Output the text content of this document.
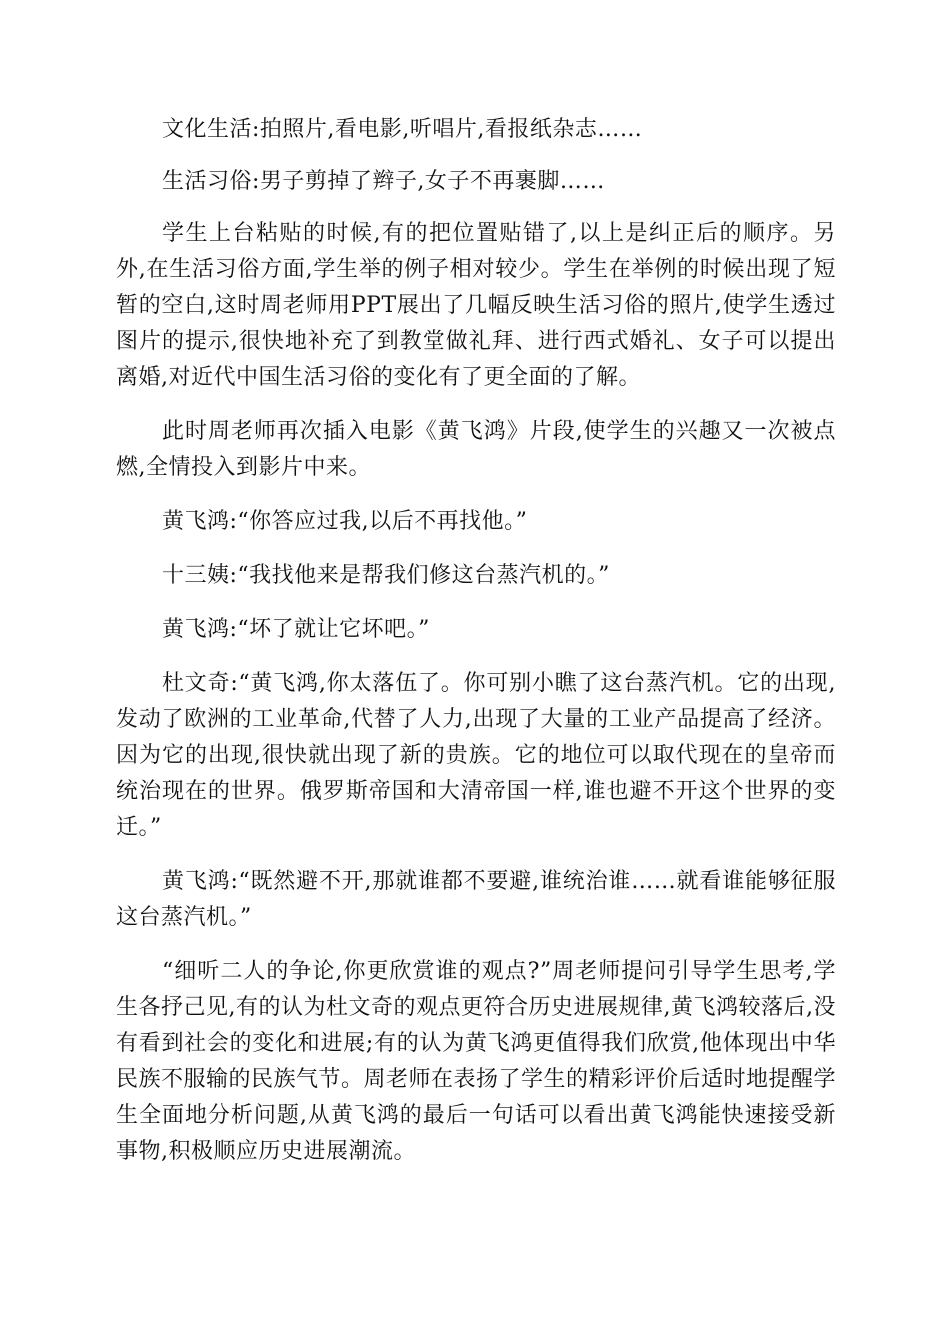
文化生活:拍照片,看电影,听唱片,看报纸杂志……

生活习俗:男子剪掉了辫子,女子不再裹脚……

学生上台粘贴的时候,有的把位置贴错了,以上是纠正后的顺序。另外,在生活习俗方面,学生举的例子相对较少。学生在举例的时候出现了短暂的空白,这时周老师用PPT展出了几幅反映生活习俗的照片,使学生透过图片的提示,很快地补充了到教堂做礼拜、进行西式婚礼、女子可以提出离婚,对近代中国生活习俗的变化有了更全面的了解。

此时周老师再次插入电影《黄飞鸿》片段,使学生的兴趣又一次被点燃,全情投入到影片中来。

黄飞鸿:“你答应过我,以后不再找他。”

十三姨:“我找他来是帮我们修这台蒸汽机的。”

黄飞鸿:“坏了就让它坏吧。”

杜文奇:“黄飞鸿,你太落伍了。你可别小瞧了这台蒸汽机。它的出现,发动了欧洲的工业革命,代替了人力,出现了大量的工业产品提高了经济。因为它的出现,很快就出现了新的贵族。它的地位可以取代现在的皇帝而统治现在的世界。俄罗斯帝国和大清帝国一样,谁也避不开这个世界的变迁。”

黄飞鸿:“既然避不开,那就谁都不要避,谁统治谁……就看谁能够征服这台蒸汽机。”

“细听二人的争论,你更欣赏谁的观点?”周老师提问引导学生思考,学生各抒己见,有的认为杜文奇的观点更符合历史进展规律,黄飞鸿较落后,没有看到社会的变化和进展;有的认为黄飞鸿更值得我们欣赏,他体现出中华民族不服输的民族气节。周老师在表扬了学生的精彩评价后适时地提醒学生全面地分析问题,从黄飞鸿的最后一句话可以看出黄飞鸿能快速接受新事物,积极顺应历史进展潮流。
